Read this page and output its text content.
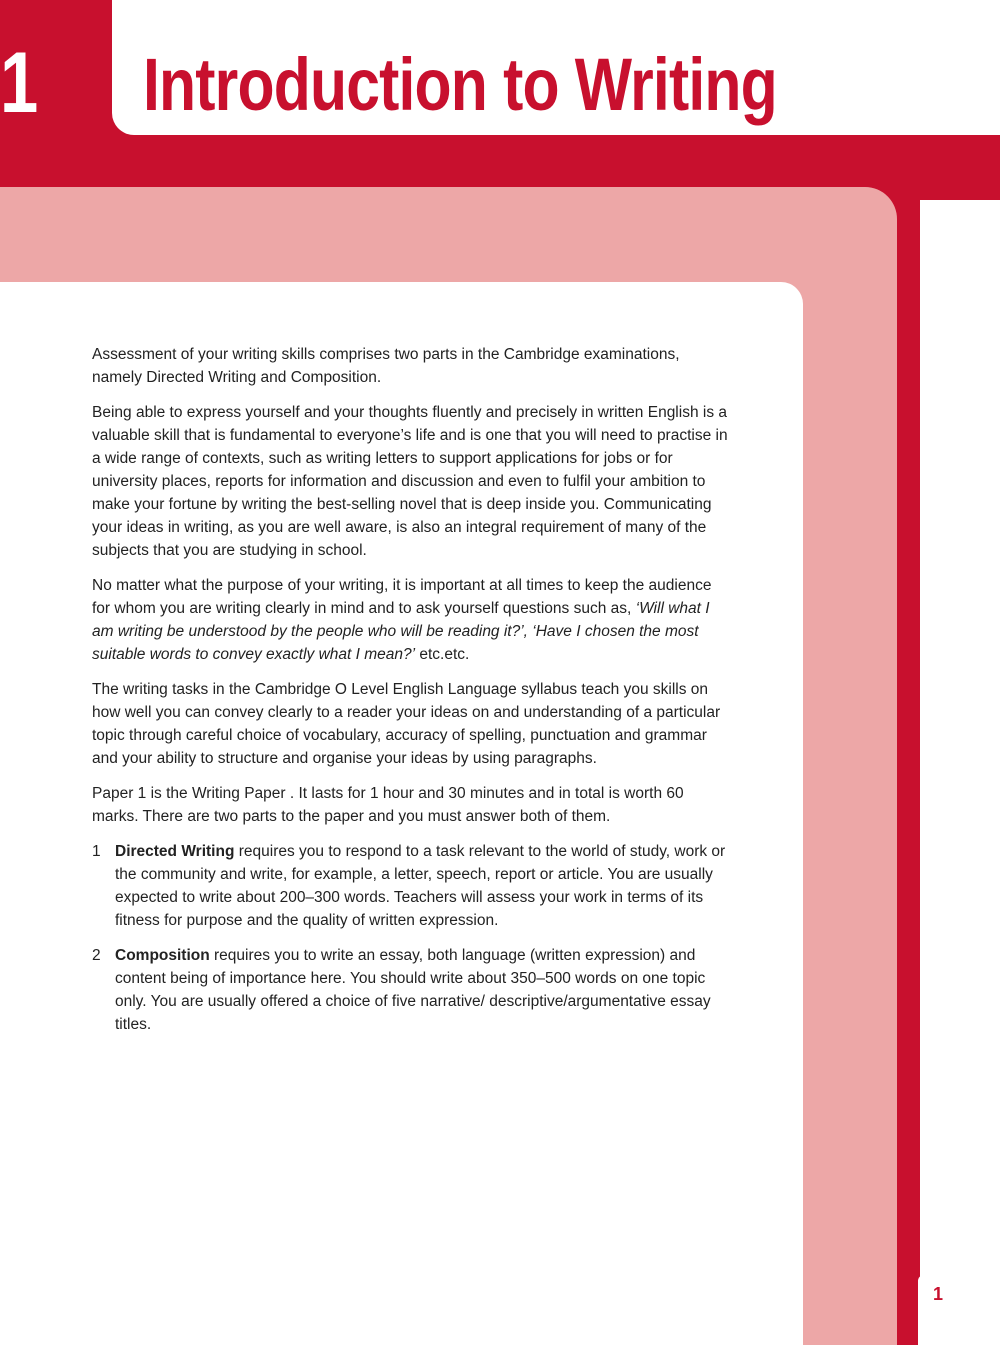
1 Introduction to Writing

Assessment of your writing skills comprises two parts in the Cambridge examinations, namely Directed Writing and Composition.

Being able to express yourself and your thoughts fluently and precisely in written English is a valuable skill that is fundamental to everyone’s life and is one that you will need to practise in a wide range of contexts, such as writing letters to support applications for jobs or for university places, reports for information and discussion and even to fulfil your ambition to make your fortune by writing the best-selling novel that is deep inside you. Communicating your ideas in writing, as you are well aware, is also an integral requirement of many of the subjects that you are studying in school.

No matter what the purpose of your writing, it is important at all times to keep the audience for whom you are writing clearly in mind and to ask yourself questions such as, ‘Will what I am writing be understood by the people who will be reading it?’, ‘Have I chosen the most suitable words to convey exactly what I mean?’ etc.etc.

The writing tasks in the Cambridge O Level English Language syllabus teach you skills on how well you can convey clearly to a reader your ideas on and understanding of a particular topic through careful choice of vocabulary, accuracy of spelling, punctuation and grammar and your ability to structure and organise your ideas by using paragraphs.

Paper 1 is the Writing Paper . It lasts for 1 hour and 30 minutes and in total is worth 60 marks. There are two parts to the paper and you must answer both of them.

1 Directed Writing requires you to respond to a task relevant to the world of study, work or the community and write, for example, a letter, speech, report or article. You are usually expected to write about 200–300 words. Teachers will assess your work in terms of its fitness for purpose and the quality of written expression.
2 Composition requires you to write an essay, both language (written expression) and content being of importance here. You should write about 350–500 words on one topic only. You are usually offered a choice of five narrative/ descriptive/argumentative essay titles.
1
